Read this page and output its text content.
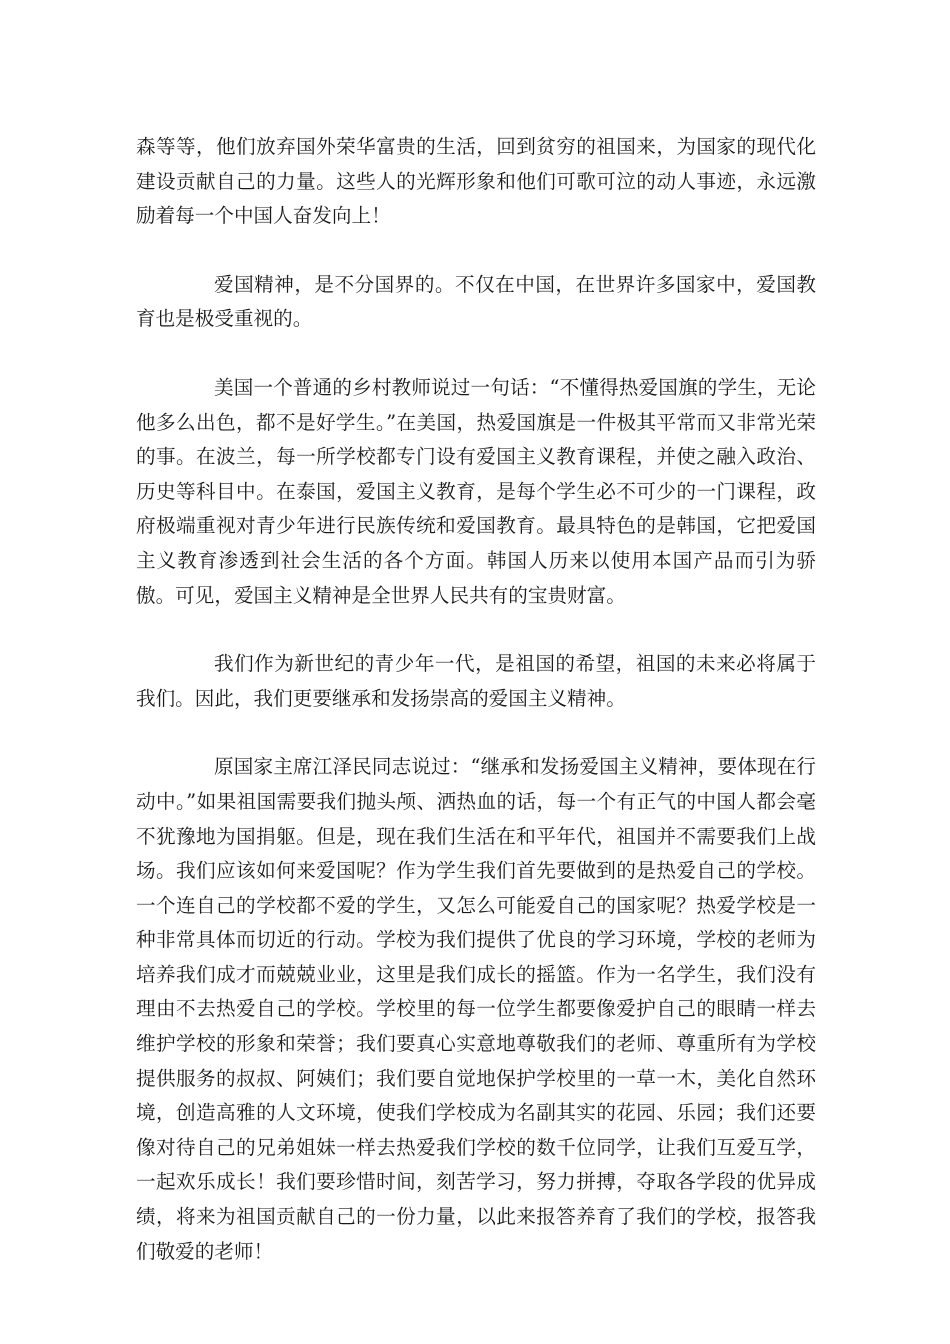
森等等，他们放弃国外荣华富贵的生活，回到贫穷的祖国来，为国家的现代化建设贡献自己的力量。这些人的光辉形象和他们可歌可泣的动人事迹，永远激励着每一个中国人奋发向上！

爱国精神，是不分国界的。不仅在中国，在世界许多国家中，爱国教育也是极受重视的。

美国一个普通的乡村教师说过一句话：“不懂得热爱国旗的学生，无论他多么出色，都不是好学生。”在美国，热爱国旗是一件极其平常而又非常光荣的事。在波兰，每一所学校都专门设有爱国主义教育课程，并使之融入政治、历史等科目中。在泰国，爱国主义教育，是每个学生必不可少的一门课程，政府极端重视对青少年进行民族传统和爱国教育。最具特色的是韩国，它把爱国主义教育渗透到社会生活的各个方面。韩国人历来以使用本国产品而引为骄傲。可见，爱国主义精神是全世界人民共有的宝贵财富。

我们作为新世纪的青少年一代，是祖国的希望，祖国的未来必将属于我们。因此，我们更要继承和发扬崇高的爱国主义精神。

原国家主席江泽民同志说过：“继承和发扬爱国主义精神，要体现在行动中。”如果祖国需要我们抛头颅、洒热血的话，每一个有正气的中国人都会毫不犹豫地为国捐躯。但是，现在我们生活在和平年代，祖国并不需要我们上战场。我们应该如何来爱国呢？作为学生我们首先要做到的是热爱自己的学校。一个连自己的学校都不爱的学生，又怎么可能爱自己的国家呢？热爱学校是一种非常具体而切近的行动。学校为我们提供了优良的学习环境，学校的老师为培养我们成才而兢兢业业，这里是我们成长的摇篮。作为一名学生，我们没有理由不去热爱自己的学校。学校里的每一位学生都要像爱护自己的眼睛一样去维护学校的形象和荣誉；我们要真心实意地尊敬我们的老师、尊重所有为学校提供服务的叔叔、阿姨们；我们要自觉地保护学校里的一草一木，美化自然环境，创造高雅的人文环境，使我们学校成为名副其实的花园、乐园；我们还要像对待自己的兄弟姐妹一样去热爱我们学校的数千位同学，让我们互爱互学，一起欢乐成长！我们要珍惜时间，刻苦学习，努力拼搏，夺取各学段的优异成绩，将来为祖国贡献自己的一份力量，以此来报答养育了我们的学校，报答我们敬爱的老师！
